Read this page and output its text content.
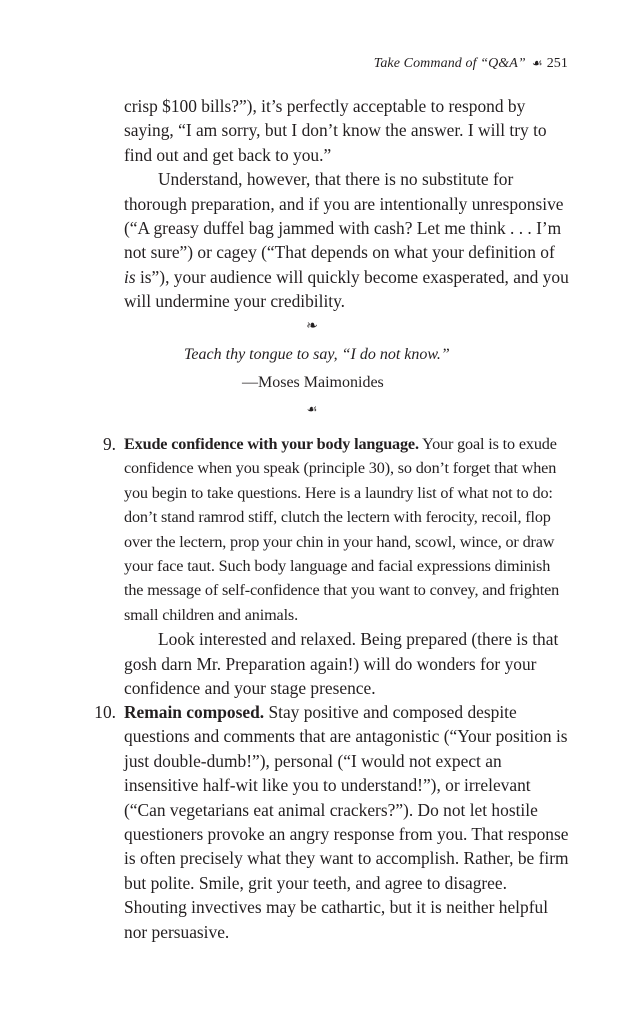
Take Command of “Q&A” ☙ 251

crisp $100 bills?”), it’s perfectly acceptable to respond by saying, “I am sorry, but I don’t know the answer. I will try to find out and get back to you.”

Understand, however, that there is no substitute for thorough preparation, and if you are intentionally unresponsive (“A greasy duffel bag jammed with cash? Let me think . . . I’m not sure”) or cagey (“That depends on what your definition of is is”), your audience will quickly become exasperated, and you will undermine your credibility.

❧
Teach thy tongue to say, “I do not know.”
—Moses Maimonides
☙
9. Exude confidence with your body language. Your goal is to exude confidence when you speak (principle 30), so don’t forget that when you begin to take questions. Here is a laundry list of what not to do: don’t stand ramrod stiff, clutch the lectern with ferocity, recoil, flop over the lectern, prop your chin in your hand, scowl, wince, or draw your face taut. Such body language and facial expressions diminish the message of self-confidence that you want to convey, and frighten small children and animals.

Look interested and relaxed. Being prepared (there is that gosh darn Mr. Preparation again!) will do wonders for your confidence and your stage presence.

10. Remain composed. Stay positive and composed despite questions and comments that are antagonistic (“Your position is just double-dumb!”), personal (“I would not expect an insensitive half-wit like you to understand!”), or irrelevant (“Can vegetarians eat animal crackers?”). Do not let hostile questioners provoke an angry response from you. That response is often precisely what they want to accomplish. Rather, be firm but polite. Smile, grit your teeth, and agree to disagree. Shouting invectives may be cathartic, but it is neither helpful nor persuasive.
